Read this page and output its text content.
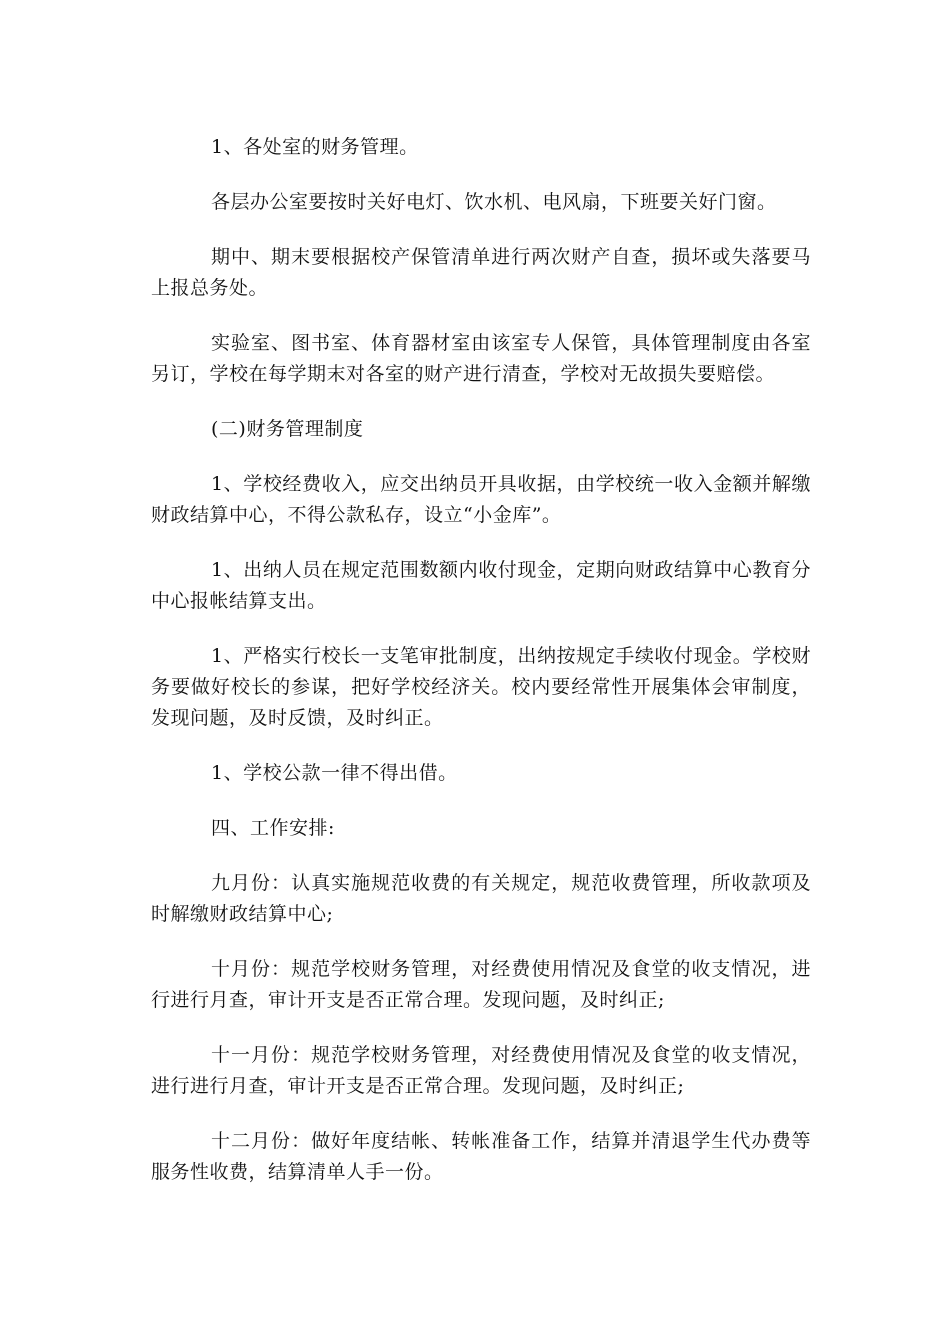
1、各处室的财务管理。

各层办公室要按时关好电灯、饮水机、电风扇，下班要关好门窗。

期中、期末要根据校产保管清单进行两次财产自查，损坏或失落要马上报总务处。

实验室、图书室、体育器材室由该室专人保管，具体管理制度由各室另订，学校在每学期末对各室的财产进行清查，学校对无故损失要赔偿。

(二)财务管理制度

1、学校经费收入，应交出纳员开具收据，由学校统一收入金额并解缴财政结算中心，不得公款私存，设立“小金库”。

1、出纳人员在规定范围数额内收付现金，定期向财政结算中心教育分中心报帐结算支出。

1、严格实行校长一支笔审批制度，出纳按规定手续收付现金。学校财务要做好校长的参谋，把好学校经济关。校内要经常性开展集体会审制度，发现问题，及时反馈，及时纠正。

1、学校公款一律不得出借。

四、工作安排:

九月份：认真实施规范收费的有关规定，规范收费管理，所收款项及时解缴财政结算中心;

十月份：规范学校财务管理，对经费使用情况及食堂的收支情况，进行进行月查，审计开支是否正常合理。发现问题，及时纠正;

十一月份：规范学校财务管理，对经费使用情况及食堂的收支情况，进行进行月查，审计开支是否正常合理。发现问题，及时纠正;

十二月份：做好年度结帐、转帐准备工作，结算并清退学生代办费等服务性收费，结算清单人手一份。
